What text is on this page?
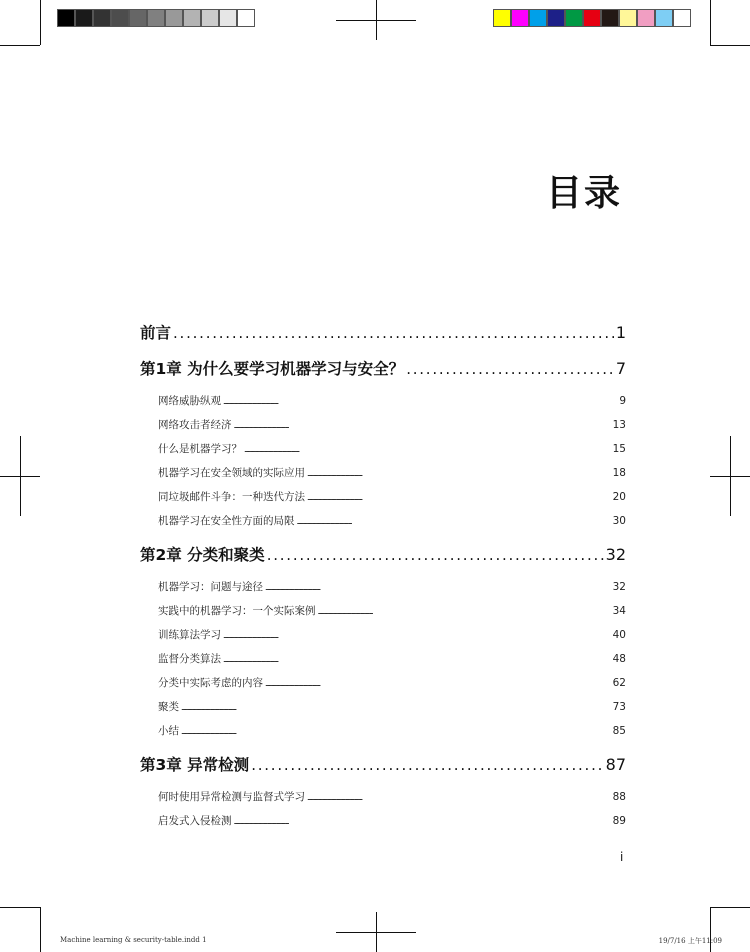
目录
前言 . . .	1
第1章 为什么要学习机器学习与安全？ . . .	7
网络威胁纵观 . . .	9
网络攻击者经济 . . .	13
什么是机器学习？ . . .	15
机器学习在安全领域的实际应用 . . .	18
同垃圾邮件斗争：一种迭代方法 . . .	20
机器学习在安全性方面的局限 . . .	30
第2章 分类和聚类 . . .	32
机器学习：问题与途径 . . .	32
实践中的机器学习：一个实际案例 . . .	34
训练算法学习 . . .	40
监督分类算法 . . .	48
分类中实际考虑的内容 . . .	62
聚类 . . .	73
小结 . . .	85
第3章 异常检测 . . .	87
何时使用异常检测与监督式学习 . . .	88
启发式入侵检测 . . .	89
i
Machine learning & security-table.indd 1	19/7/16 上午11:09
